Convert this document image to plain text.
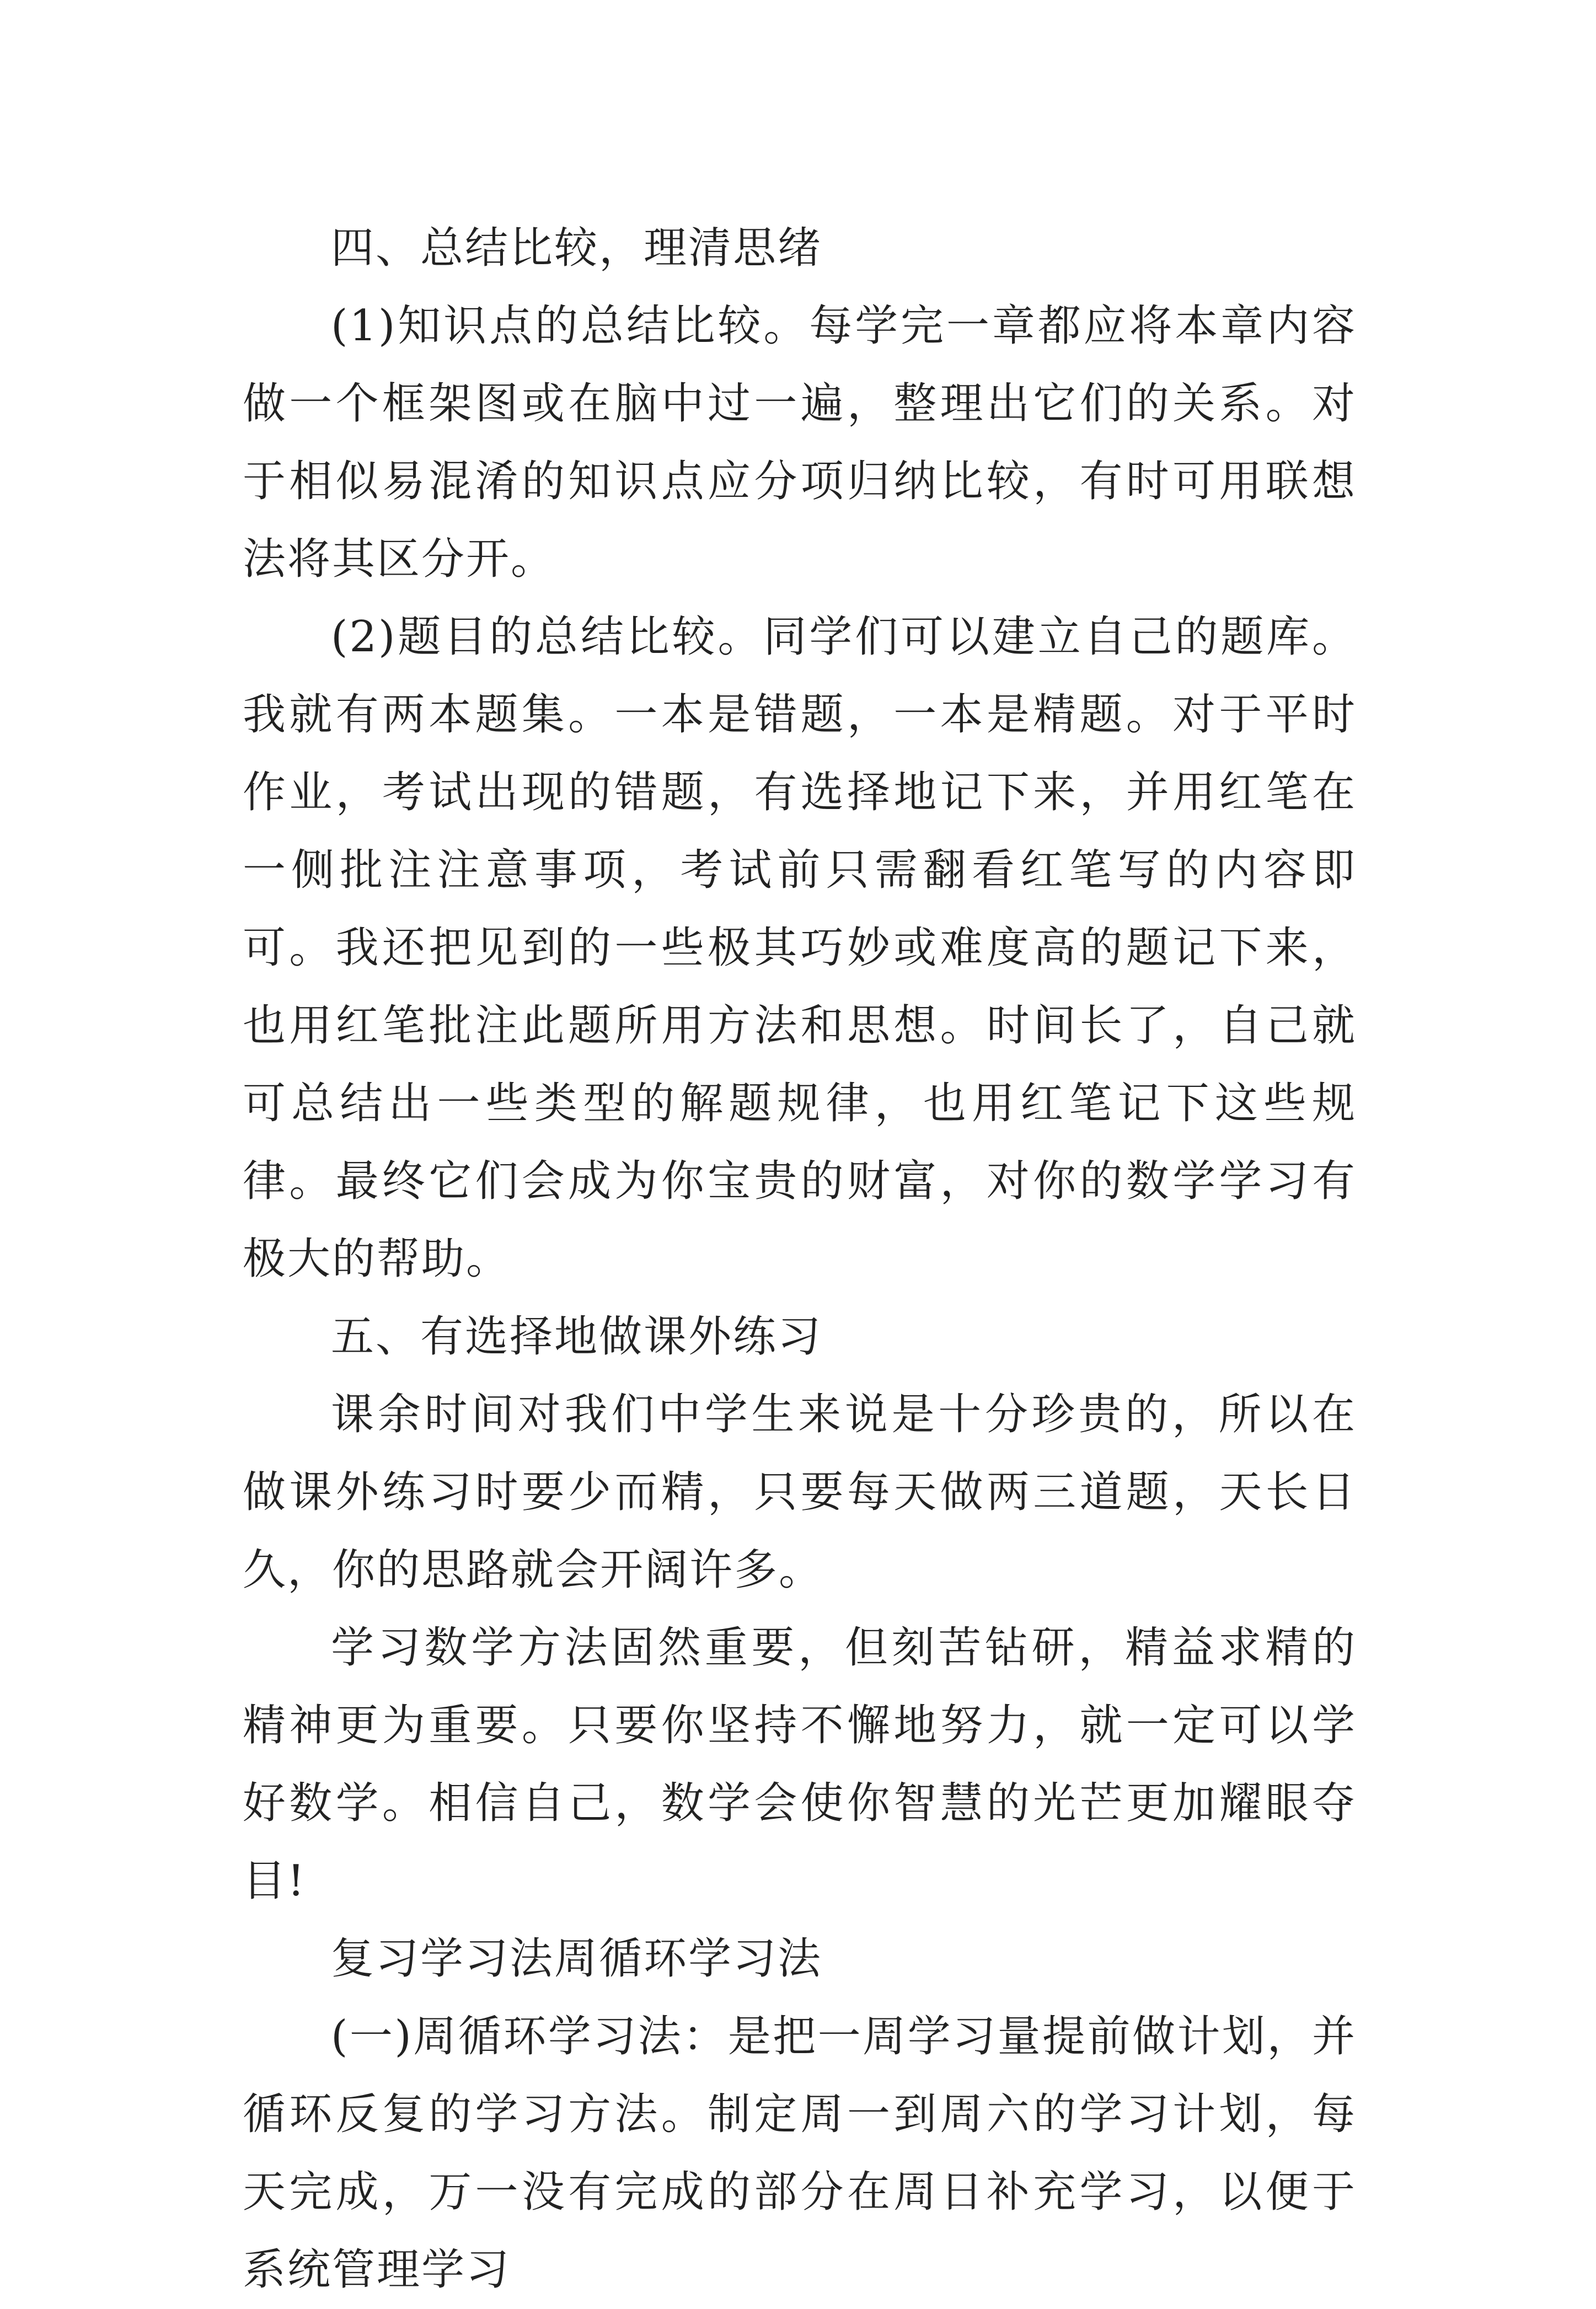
四、总结比较，理清思绪

(1)知识点的总结比较。每学完一章都应将本章内容做一个框架图或在脑中过一遍，整理出它们的关系。对于相似易混淆的知识点应分项归纳比较，有时可用联想法将其区分开。

(2)题目的总结比较。同学们可以建立自己的题库。我就有两本题集。一本是错题，一本是精题。对于平时作业，考试出现的错题，有选择地记下来，并用红笔在一侧批注注意事项，考试前只需翻看红笔写的内容即可。我还把见到的一些极其巧妙或难度高的题记下来，也用红笔批注此题所用方法和思想。时间长了，自己就可总结出一些类型的解题规律，也用红笔记下这些规律。最终它们会成为你宝贵的财富，对你的数学学习有极大的帮助。

五、有选择地做课外练习

课余时间对我们中学生来说是十分珍贵的，所以在做课外练习时要少而精，只要每天做两三道题，天长日久，你的思路就会开阔许多。

学习数学方法固然重要，但刻苦钻研，精益求精的精神更为重要。只要你坚持不懈地努力，就一定可以学好数学。相信自己，数学会使你智慧的光芒更加耀眼夺目!

复习学习法周循环学习法

(一)周循环学习法：是把一周学习量提前做计划，并循环反复的学习方法。制定周一到周六的学习计划，每天完成，万一没有完成的部分在周日补充学习，以便于系统管理学习
